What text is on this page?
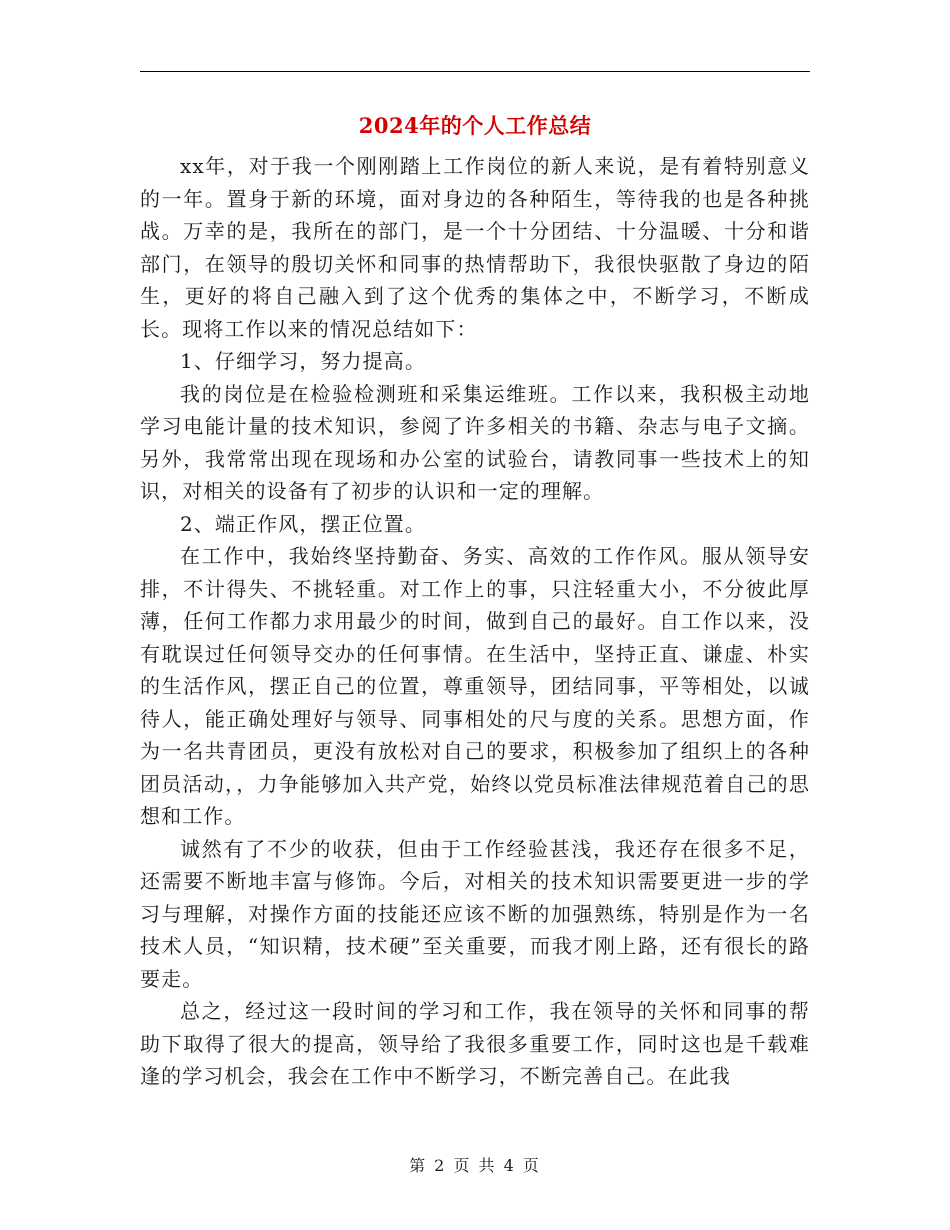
2024年的个人工作总结

xx年，对于我一个刚刚踏上工作岗位的新人来说，是有着特别意义的一年。置身于新的环境，面对身边的各种陌生，等待我的也是各种挑战。万幸的是，我所在的部门，是一个十分团结、十分温暖、十分和谐部门，在领导的殷切关怀和同事的热情帮助下，我很快驱散了身边的陌生，更好的将自己融入到了这个优秀的集体之中，不断学习，不断成长。现将工作以来的情况总结如下：

1、仔细学习，努力提高。

我的岗位是在检验检测班和采集运维班。工作以来，我积极主动地学习电能计量的技术知识，参阅了许多相关的书籍、杂志与电子文摘。另外，我常常出现在现场和办公室的试验台，请教同事一些技术上的知识，对相关的设备有了初步的认识和一定的理解。

2、端正作风，摆正位置。

在工作中，我始终坚持勤奋、务实、高效的工作作风。服从领导安排，不计得失、不挑轻重。对工作上的事，只注轻重大小，不分彼此厚薄，任何工作都力求用最少的时间，做到自己的最好。自工作以来，没有耽误过任何领导交办的任何事情。在生活中，坚持正直、谦虚、朴实的生活作风，摆正自己的位置，尊重领导，团结同事，平等相处，以诚待人，能正确处理好与领导、同事相处的尺与度的关系。思想方面，作为一名共青团员，更没有放松对自己的要求，积极参加了组织上的各种团员活动，，力争能够加入共产党，始终以党员标准法律规范着自己的思想和工作。

诚然有了不少的收获，但由于工作经验甚浅，我还存在很多不足，还需要不断地丰富与修饰。今后，对相关的技术知识需要更进一步的学习与理解，对操作方面的技能还应该不断的加强熟练，特别是作为一名技术人员，“知识精，技术硬”至关重要，而我才刚上路，还有很长的路要走。

总之，经过这一段时间的学习和工作，我在领导的关怀和同事的帮助下取得了很大的提高，领导给了我很多重要工作，同时这也是千载难逢的学习机会，我会在工作中不断学习，不断完善自己。在此我

第 2 页 共 4 页
